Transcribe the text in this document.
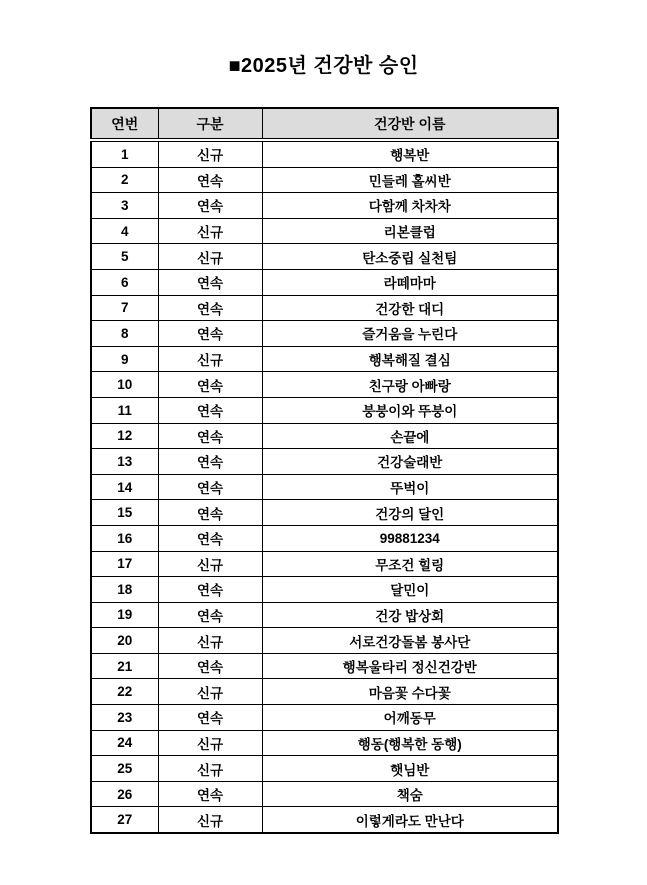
■2025년 건강반 승인
연번	구분	건강반 이름
1	신규	행복반
2	연속	민들레 홀씨반
3	연속	다함께 차차차
4	신규	리본클럽
5	신규	탄소중립 실천팀
6	연속	라떼마마
7	연속	건강한 대디
8	연속	즐거움을 누린다
9	신규	행복해질 결심
10	연속	친구랑 아빠랑
11	연속	붕붕이와 뚜붕이
12	연속	손끝에
13	연속	건강술래반
14	연속	뚜벅이
15	연속	건강의 달인
16	연속	99881234
17	신규	무조건 힐링
18	연속	달민이
19	연속	건강 밥상회
20	신규	서로건강돌봄 봉사단
21	연속	행복울타리 정신건강반
22	신규	마음꽃 수다꽃
23	연속	어깨동무
24	신규	행동(행복한 동행)
25	신규	햇님반
26	연속	책숨
27	신규	이렇게라도 만난다
